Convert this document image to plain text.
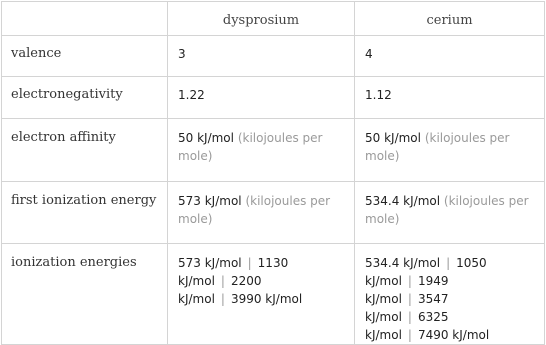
	dysprosium	cerium
valence	3	4
electronegativity	1.22	1.12
electron affinity	50 kJ/mol (kilojoules per mole)	50 kJ/mol (kilojoules per mole)
first ionization energy	573 kJ/mol (kilojoules per mole)	534.4 kJ/mol (kilojoules per mole)
ionization energies	573 kJ/mol | 1130 kJ/mol | 2200 kJ/mol | 3990 kJ/mol	534.4 kJ/mol | 1050 kJ/mol | 1949 kJ/mol | 3547 kJ/mol | 6325 kJ/mol | 7490 kJ/mol
